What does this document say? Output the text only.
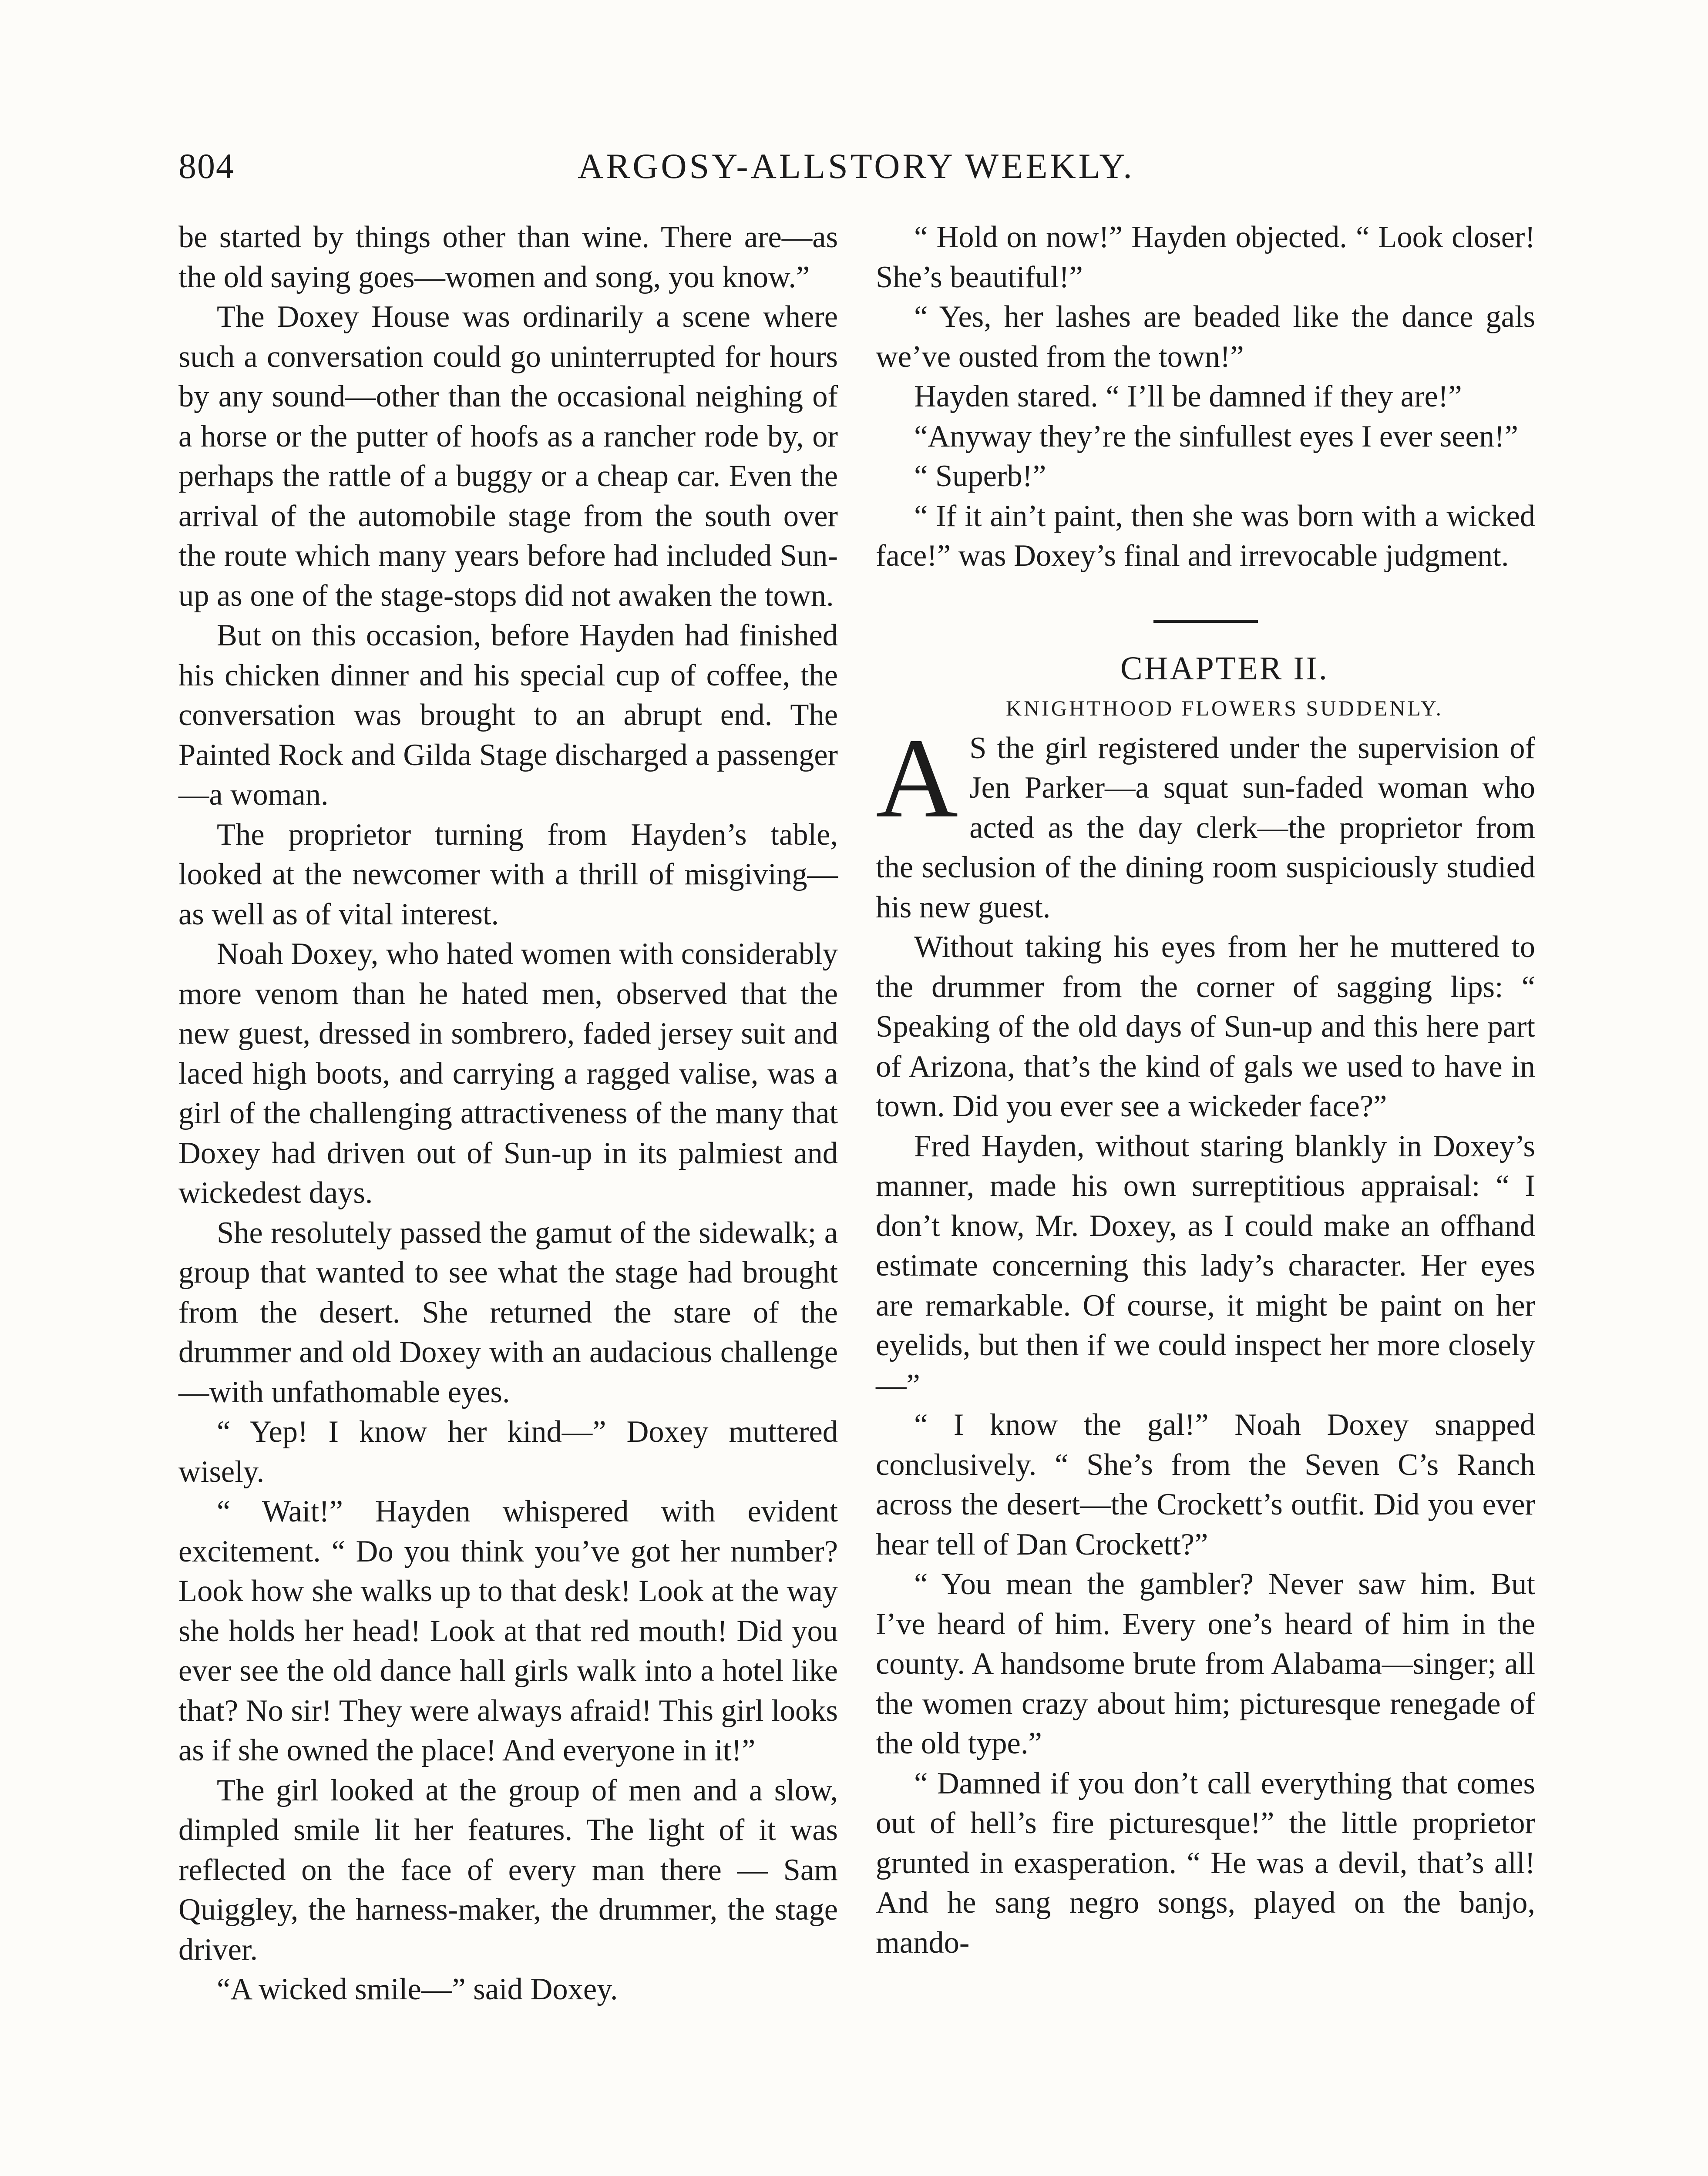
804	ARGOSY-ALLSTORY WEEKLY.

be started by things other than wine. There are—as the old saying goes—women and song, you know.”

The Doxey House was ordinarily a scene where such a conversation could go uninterrupted for hours by any sound—other than the occasional neighing of a horse or the putter of hoofs as a rancher rode by, or perhaps the rattle of a buggy or a cheap car. Even the arrival of the automobile stage from the south over the route which many years before had included Sun-up as one of the stage-stops did not awaken the town.

But on this occasion, before Hayden had finished his chicken dinner and his special cup of coffee, the conversation was brought to an abrupt end. The Painted Rock and Gilda Stage discharged a passenger—a woman.

The proprietor turning from Hayden’s table, looked at the newcomer with a thrill of misgiving—as well as of vital interest.

Noah Doxey, who hated women with considerably more venom than he hated men, observed that the new guest, dressed in sombrero, faded jersey suit and laced high boots, and carrying a ragged valise, was a girl of the challenging attractiveness of the many that Doxey had driven out of Sun-up in its palmiest and wickedest days.

She resolutely passed the gamut of the sidewalk; a group that wanted to see what the stage had brought from the desert. She returned the stare of the drummer and old Doxey with an audacious challenge—with unfathomable eyes.

“ Yep! I know her kind—” Doxey muttered wisely.

“ Wait!” Hayden whispered with evident excitement. “ Do you think you’ve got her number? Look how she walks up to that desk! Look at the way she holds her head! Look at that red mouth! Did you ever see the old dance hall girls walk into a hotel like that? No sir! They were always afraid! This girl looks as if she owned the place! And everyone in it!”

The girl looked at the group of men and a slow, dimpled smile lit her features. The light of it was reflected on the face of every man there — Sam Quiggley, the harness-maker, the drummer, the stage driver.

“A wicked smile—” said Doxey.

“ Hold on now!” Hayden objected. “ Look closer! She’s beautiful!”

“ Yes, her lashes are beaded like the dance gals we’ve ousted from the town!”

Hayden stared. “ I’ll be damned if they are!”

“Anyway they’re the sinfullest eyes I ever seen!”

“ Superb!”

“ If it ain’t paint, then she was born with a wicked face!” was Doxey’s final and irrevocable judgment.

CHAPTER II.

KNIGHTHOOD FLOWERS SUDDENLY.

A S the girl registered under the supervision of Jen Parker—a squat sun-faded woman who acted as the day clerk—the proprietor from the seclusion of the dining room suspiciously studied his new guest.

Without taking his eyes from her he muttered to the drummer from the corner of sagging lips: “ Speaking of the old days of Sun-up and this here part of Arizona, that’s the kind of gals we used to have in town. Did you ever see a wickeder face?”

Fred Hayden, without staring blankly in Doxey’s manner, made his own surreptitious appraisal: “ I don’t know, Mr. Doxey, as I could make an offhand estimate concerning this lady’s character. Her eyes are remarkable. Of course, it might be paint on her eyelids, but then if we could inspect her more closely—”

“ I know the gal!” Noah Doxey snapped conclusively. “ She’s from the Seven C’s Ranch across the desert—the Crockett’s outfit. Did you ever hear tell of Dan Crockett?”

“ You mean the gambler? Never saw him. But I’ve heard of him. Every one’s heard of him in the county. A handsome brute from Alabama—singer; all the women crazy about him; picturesque renegade of the old type.”

“ Damned if you don’t call everything that comes out of hell’s fire picturesque!” the little proprietor grunted in exasperation. “ He was a devil, that’s all! And he sang negro songs, played on the banjo, mando-
